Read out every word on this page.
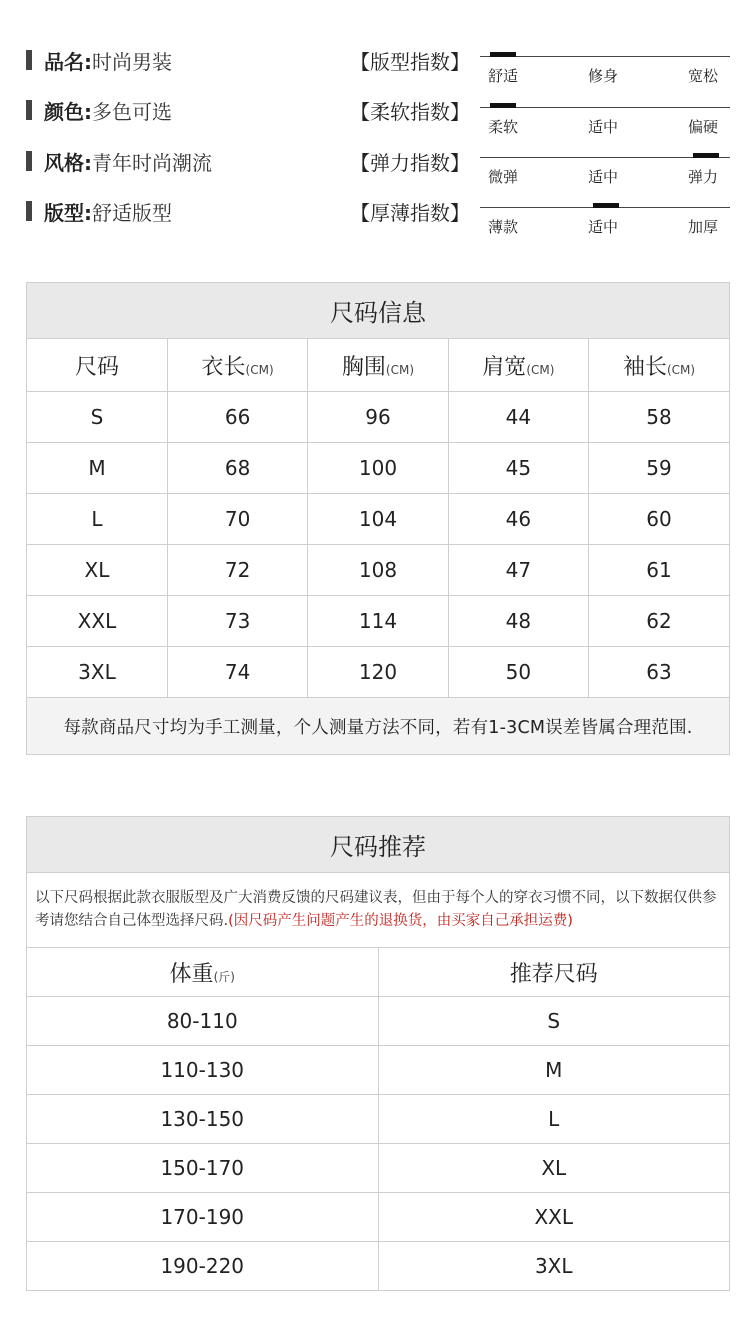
品名: 时尚男装
颜色: 多色可选
风格: 青年时尚潮流
版型: 舒适版型
【版型指数】
【柔软指数】
【弹力指数】
【厚薄指数】
舒适	修身	宽松
柔软	适中	偏硬
微弹	适中	弹力
薄款	适中	加厚
尺码信息
尺码	衣长(CM)	胸围(CM)	肩宽(CM)	袖长(CM)
S	66	96	44	58
M	68	100	45	59
L	70	104	46	60
XL	72	108	47	61
XXL	73	114	48	62
3XL	74	120	50	63
每款商品尺寸均为手工测量，个人测量方法不同，若有1-3CM误差皆属合理范围.
尺码推荐
以下尺码根据此款衣服版型及广大消费反馈的尺码建议表，但由于每个人的穿衣习惯不同，以下数据仅供参考请您结合自己体型选择尺码.(因尺码产生问题产生的退换货，由买家自己承担运费)
体重(斤)	推荐尺码
80-110	S
110-130	M
130-150	L
150-170	XL
170-190	XXL
190-220	3XL
